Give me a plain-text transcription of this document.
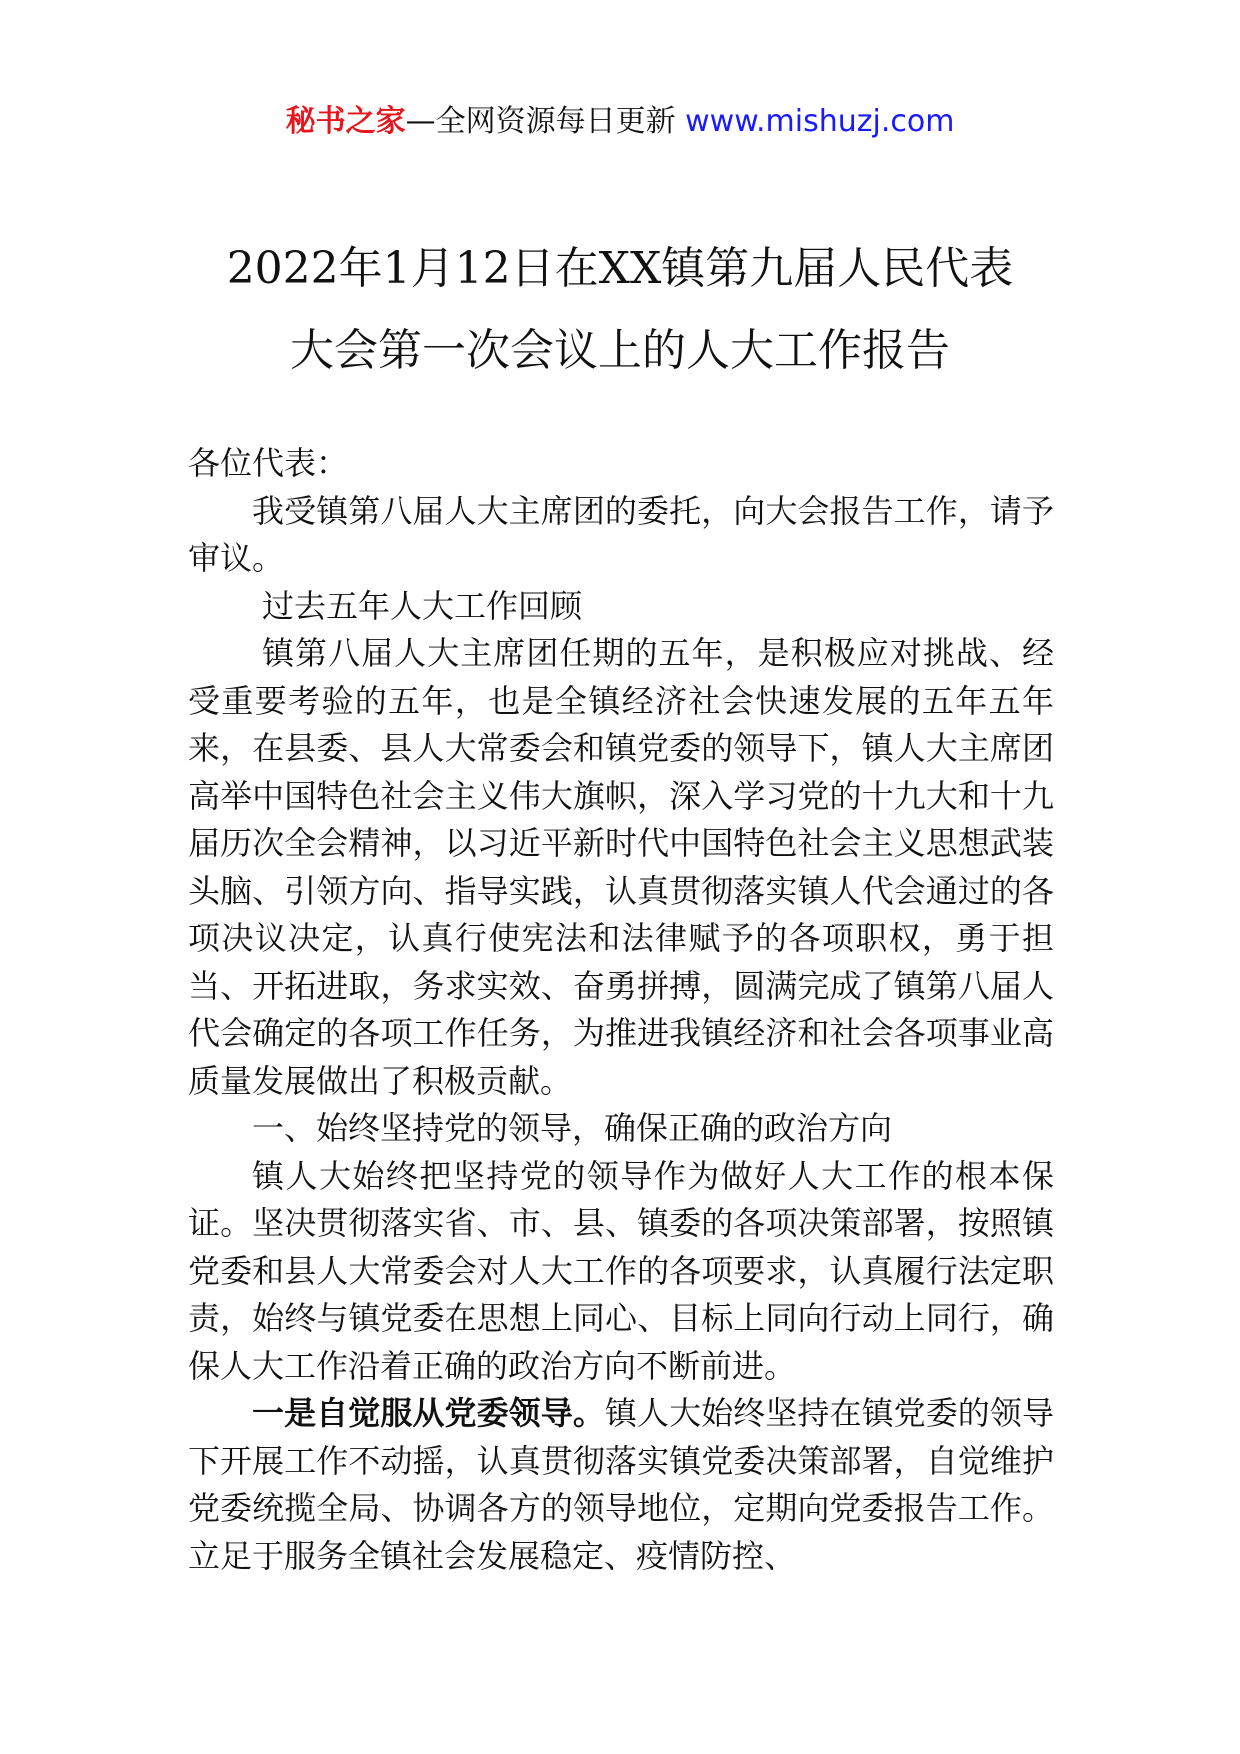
秘书之家—全网资源每日更新 www.mishuzj.com
2022年1月12日在XX镇第九届人民代表
大会第一次会议上的人大工作报告

各位代表：

我受镇第八届人大主席团的委托，向大会报告工作，请予审议。

过去五年人大工作回顾

镇第八届人大主席团任期的五年，是积极应对挑战、经受重要考验的五年，也是全镇经济社会快速发展的五年五年来，在县委、县人大常委会和镇党委的领导下，镇人大主席团高举中国特色社会主义伟大旗帜，深入学习党的十九大和十九届历次全会精神，以习近平新时代中国特色社会主义思想武装头脑、引领方向、指导实践，认真贯彻落实镇人代会通过的各项决议决定，认真行使宪法和法律赋予的各项职权，勇于担当、开拓进取，务求实效、奋勇拼搏，圆满完成了镇第八届人代会确定的各项工作任务，为推进我镇经济和社会各项事业高质量发展做出了积极贡献。

一、始终坚持党的领导，确保正确的政治方向

镇人大始终把坚持党的领导作为做好人大工作的根本保证。坚决贯彻落实省、市、县、镇委的各项决策部署，按照镇党委和县人大常委会对人大工作的各项要求，认真履行法定职责，始终与镇党委在思想上同心、目标上同向行动上同行，确保人大工作沿着正确的政治方向不断前进。

一是自觉服从党委领导。镇人大始终坚持在镇党委的领导下开展工作不动摇，认真贯彻落实镇党委决策部署，自觉维护党委统揽全局、协调各方的领导地位，定期向党委报告工作。立足于服务全镇社会发展稳定、疫情防控、
